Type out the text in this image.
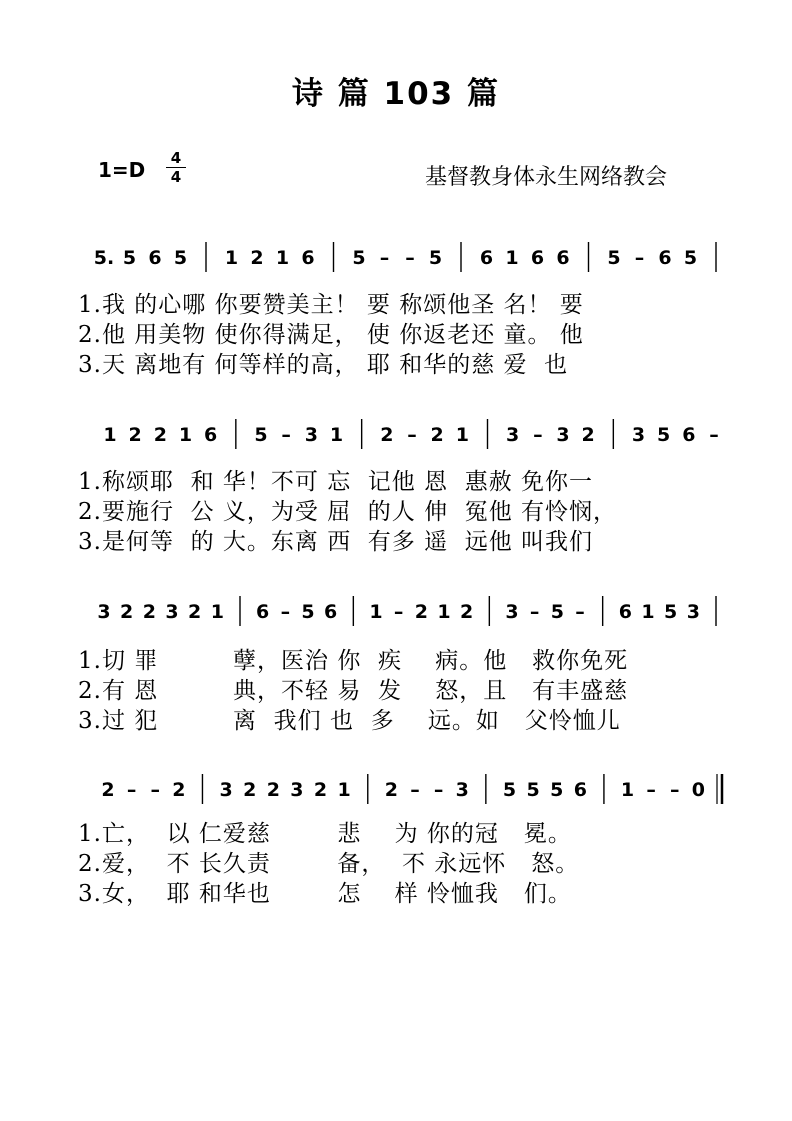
诗 篇 103 篇
1=D	4
4	基督教身体永生网络教会
5. 5 6 5 1 2 1 6 5 – – 5 6 1 6 6 5 – 6 5
1.我 的心哪 你要赞美主！ 要 称颂他圣 名！ 要
2.他 用美物 使你得满足， 使 你返老还 童。 他
3.天 离地有 何等样的高， 耶 和华的慈 爱  也
1 2 2 1 6 5 – 3 1 2 – 2 1 3 – 3 2 3 5 6 –
1.称颂耶  和 华！不可 忘  记他 恩  惠赦 免你一
2.要施行  公 义，为受 屈  的人 伸  冤他 有怜悯，
3.是何等  的 大。东离 西  有多 遥  远他 叫我们
3 2 2 3 2 1 6 – 5 6 1 – 2 1 2 3 – 5 – 6 1 5 3
1.切 罪         孽，医治 你  疾    病。他   救你免死
2.有 恩         典，不轻 易  发    怒，且   有丰盛慈
3.过 犯         离  我们 也  多    远。如   父怜恤儿
2 – – 2 3 2 2 3 2 1 2 – – 3 5 5 5 6 1 – – 0
1.亡，  以 仁爱慈        悲    为 你的冠   冕。
2.爱，  不 长久责        备，  不 永远怀   怒。
3.女，  耶 和华也        怎    样 怜恤我   们。
